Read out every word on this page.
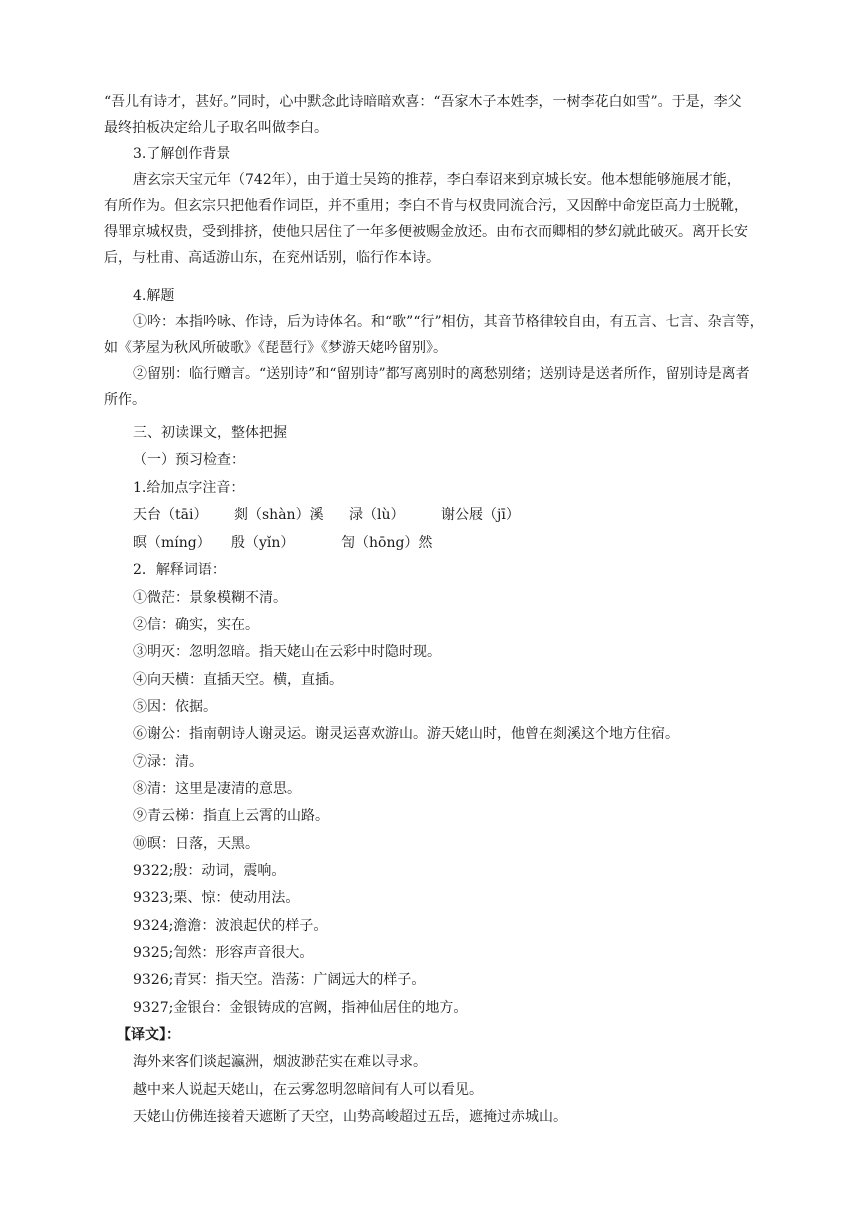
“吾儿有诗才，甚好。”同时，心中默念此诗暗暗欢喜：“吾家木子本姓李，一树李花白如雪”。于是，李父
最终拍板决定给儿子取名叫做李白。
3.了解创作背景
唐玄宗天宝元年（742年），由于道士吴筠的推荐，李白奉诏来到京城长安。他本想能够施展才能，
有所作为。但玄宗只把他看作词臣，并不重用；李白不肯与权贵同流合污，又因醉中命宠臣高力士脱靴，
得罪京城权贵，受到排挤，使他只居住了一年多便被赐金放还。由布衣而卿相的梦幻就此破灭。离开长安
后，与杜甫、高适游山东，在兖州话别，临行作本诗。
4.解题
①吟：本指吟咏、作诗，后为诗体名。和“歌”“行”相仿，其音节格律较自由，有五言、七言、杂言等，
如《茅屋为秋风所破歌》《琵琶行》《梦游天姥吟留别》。
②留别：临行赠言。“送别诗”和“留别诗”都写离别时的离愁别绪；送别诗是送者所作，留别诗是离者
所作。
三、初读课文，整体把握
（一）预习检查：
1.给加点字注音：
天台（tāi） 剡（shàn）溪 渌（lù）	谢公屐（jī）
暝（míng） 殷（yǐn）	訇（hōng）然
2．解释词语：
①微茫：景象模糊不清。
②信：确实，实在。
③明灭：忽明忽暗。指天姥山在云彩中时隐时现。
④向天横：直插天空。横，直插。
⑤因：依据。
⑥谢公：指南朝诗人谢灵运。谢灵运喜欢游山。游天姥山时，他曾在剡溪这个地方住宿。
⑦渌：清。
⑧清：这里是凄清的意思。
⑨青云梯：指直上云霄的山路。
⑩暝：日落，天黑。
9322;殷：动词，震响。
9323;栗、惊：使动用法。
9324;澹澹：波浪起伏的样子。
9325;訇然：形容声音很大。
9326;青冥：指天空。浩荡：广阔远大的样子。
9327;金银台：金银铸成的宫阙，指神仙居住的地方。
【译文】：
海外来客们谈起瀛洲，烟波渺茫实在难以寻求。
越中来人说起天姥山，在云雾忽明忽暗间有人可以看见。
天姥山仿佛连接着天遮断了天空，山势高峻超过五岳，遮掩过赤城山。
